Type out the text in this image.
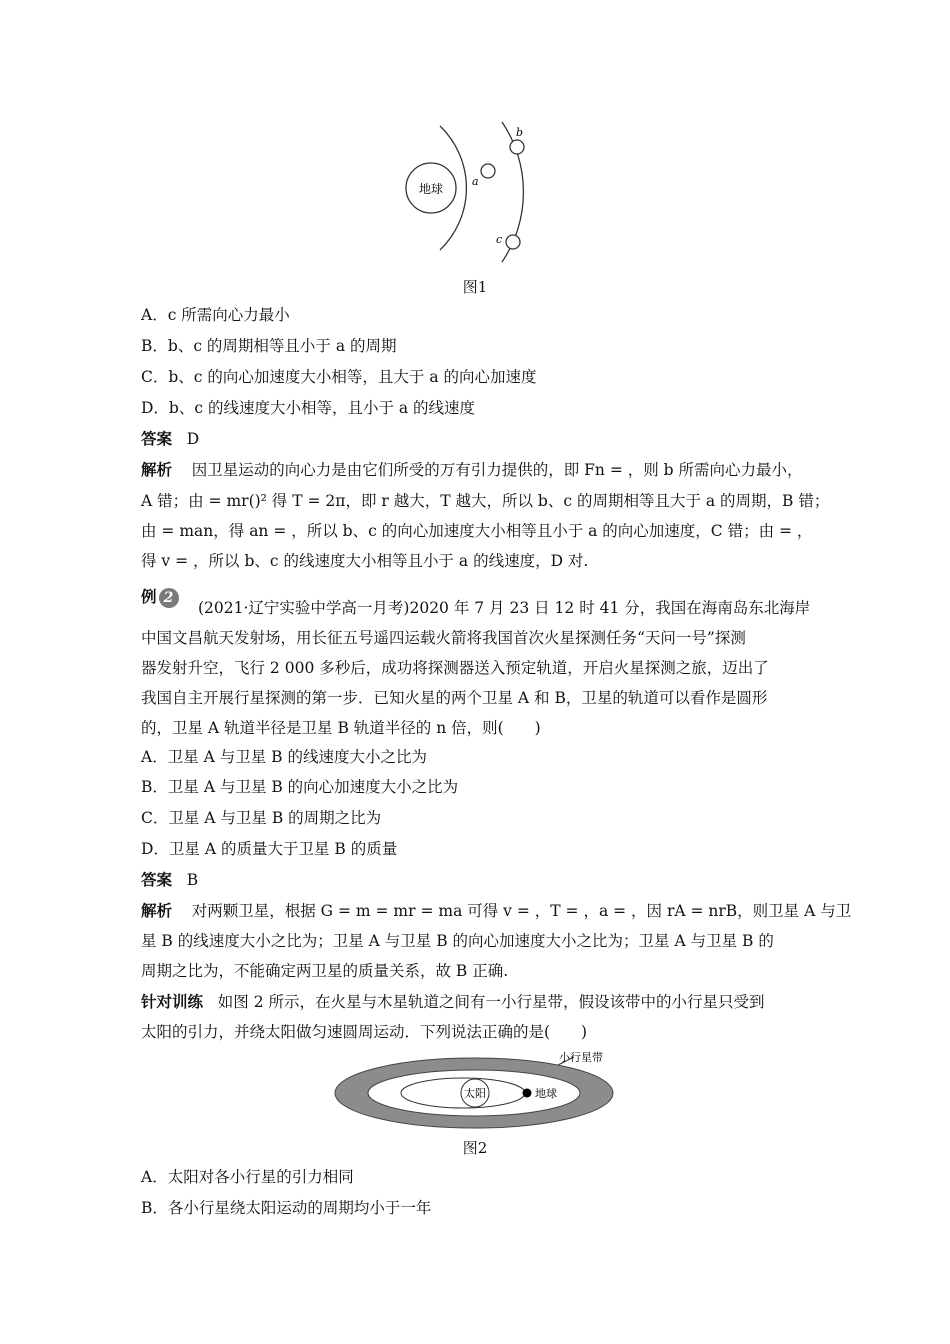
地球
a
b
c
图1
A．c 所需向心力最小
B．b、c 的周期相等且小于 a 的周期
C．b、c 的向心加速度大小相等，且大于 a 的向心加速度
D．b、c 的线速度大小相等，且小于 a 的线速度
答案 D
解析 因卫星运动的向心力是由它们所受的万有引力提供的，即 Fn = ，则 b 所需向心力最小，
A 错；由 = mr()² 得 T = 2π，即 r 越大，T 越大，所以 b、c 的周期相等且大于 a 的周期，B 错；
由 = man，得 an = ，所以 b、c 的向心加速度大小相等且小于 a 的向心加速度，C 错；由 = ，
得 v = ，所以 b、c 的线速度大小相等且小于 a 的线速度，D 对.
例 2
(2021·辽宁实验中学高一月考)2020 年 7 月 23 日 12 时 41 分，我国在海南岛东北海岸
中国文昌航天发射场，用长征五号遥四运载火箭将我国首次火星探测任务“天问一号”探测
器发射升空，飞行 2 000 多秒后，成功将探测器送入预定轨道，开启火星探测之旅，迈出了
我国自主开展行星探测的第一步．已知火星的两个卫星 A 和 B，卫星的轨道可以看作是圆形
的，卫星 A 轨道半径是卫星 B 轨道半径的 n 倍，则(　　)
A．卫星 A 与卫星 B 的线速度大小之比为
B．卫星 A 与卫星 B 的向心加速度大小之比为
C．卫星 A 与卫星 B 的周期之比为
D．卫星 A 的质量大于卫星 B 的质量
答案 B
解析 对两颗卫星，根据 G = m = mr = ma 可得 v = ，T = ，a = ，因 rA = nrB，则卫星 A 与卫
星 B 的线速度大小之比为；卫星 A 与卫星 B 的向心加速度大小之比为；卫星 A 与卫星 B 的
周期之比为，不能确定两卫星的质量关系，故 B 正确.
针对训练 如图 2 所示，在火星与木星轨道之间有一小行星带，假设该带中的小行星只受到
太阳的引力，并绕太阳做匀速圆周运动．下列说法正确的是(　　)
太阳	地球
小行星带
图2
A．太阳对各小行星的引力相同
B．各小行星绕太阳运动的周期均小于一年
